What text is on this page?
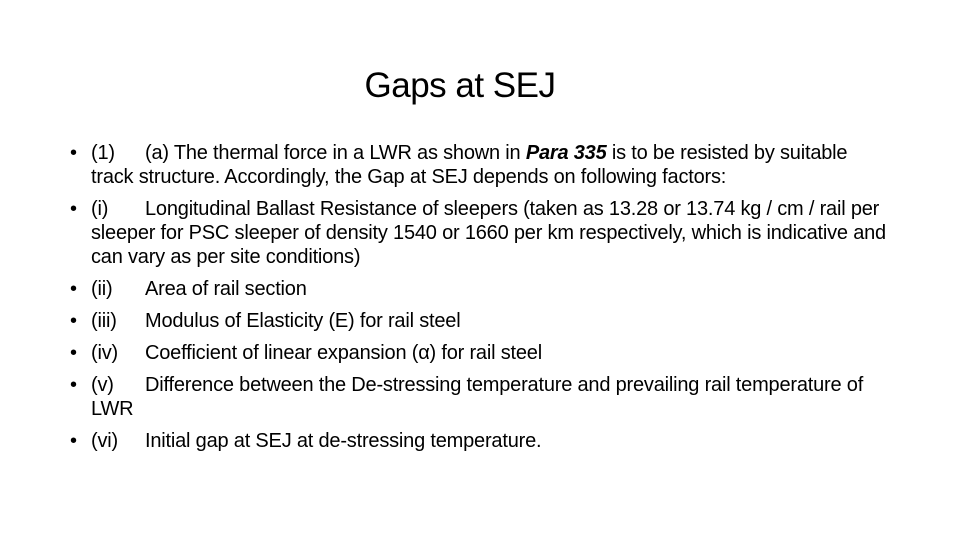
Gaps at SEJ
• (1) (a) The thermal force in a LWR as shown in Para 335 is to be resisted by suitable track structure. Accordingly, the Gap at SEJ depends on following factors:
• (i) Longitudinal Ballast Resistance of sleepers (taken as 13.28 or 13.74 kg / cm / rail per sleeper for PSC sleeper of density 1540 or 1660 per km respectively, which is indicative and can vary as per site conditions)
• (ii) Area of rail section
• (iii) Modulus of Elasticity (E) for rail steel
• (iv) Coefficient of linear expansion (α) for rail steel
• (v) Difference between the De-stressing temperature and prevailing rail temperature of LWR
• (vi) Initial gap at SEJ at de-stressing temperature.
